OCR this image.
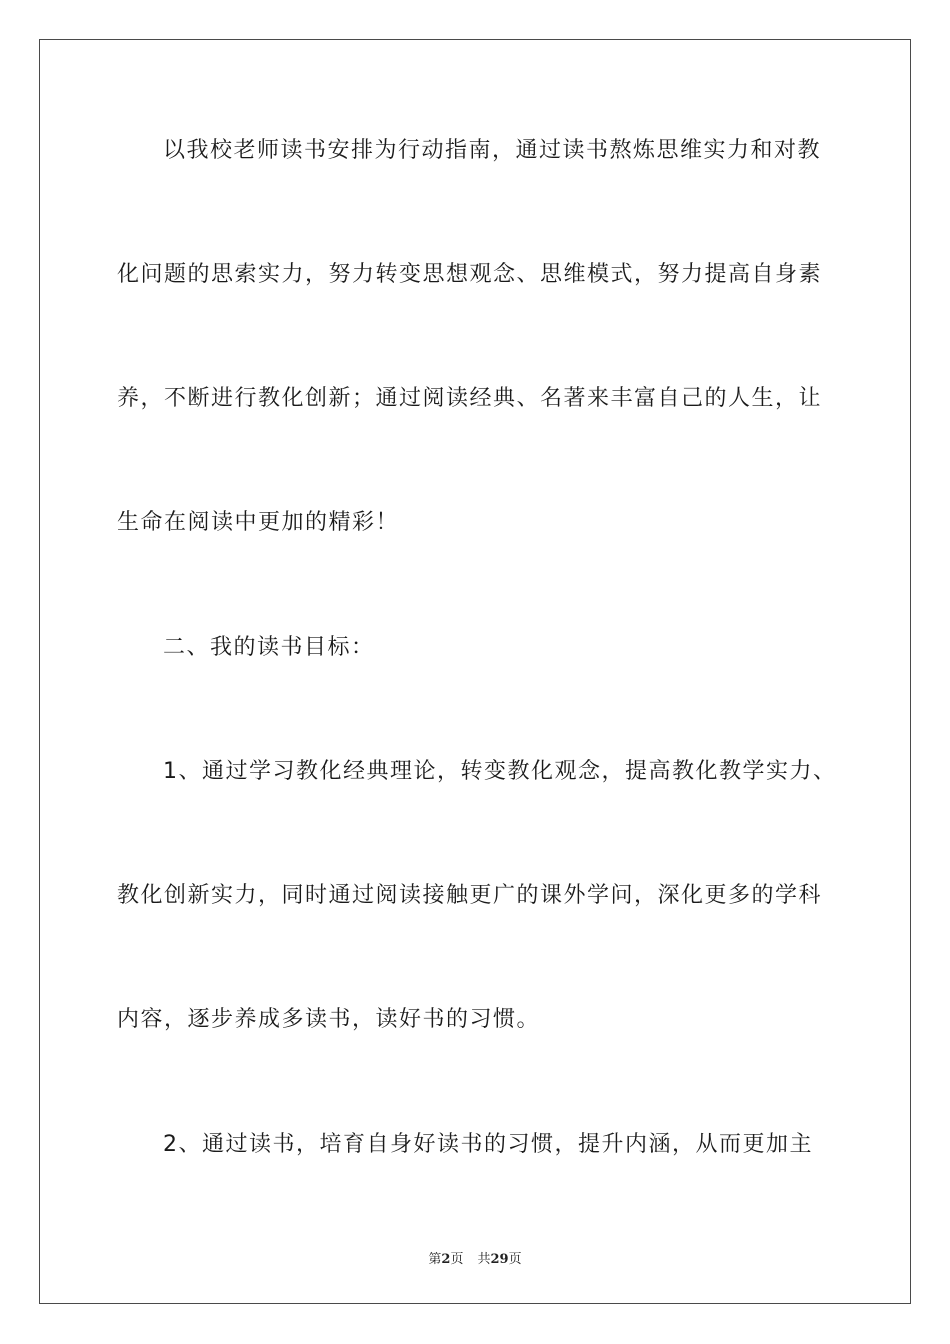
以我校老师读书安排为行动指南，通过读书熬炼思维实力和对教
化问题的思索实力，努力转变思想观念、思维模式，努力提高自身素
养，不断进行教化创新；通过阅读经典、名著来丰富自己的人生，让
生命在阅读中更加的精彩！
二、我的读书目标：
1、通过学习教化经典理论，转变教化观念，提高教化教学实力、
教化创新实力，同时通过阅读接触更广的课外学问，深化更多的学科
内容，逐步养成多读书，读好书的习惯。
2、通过读书，培育自身好读书的习惯，提升内涵，从而更加主
第2页 共29页
